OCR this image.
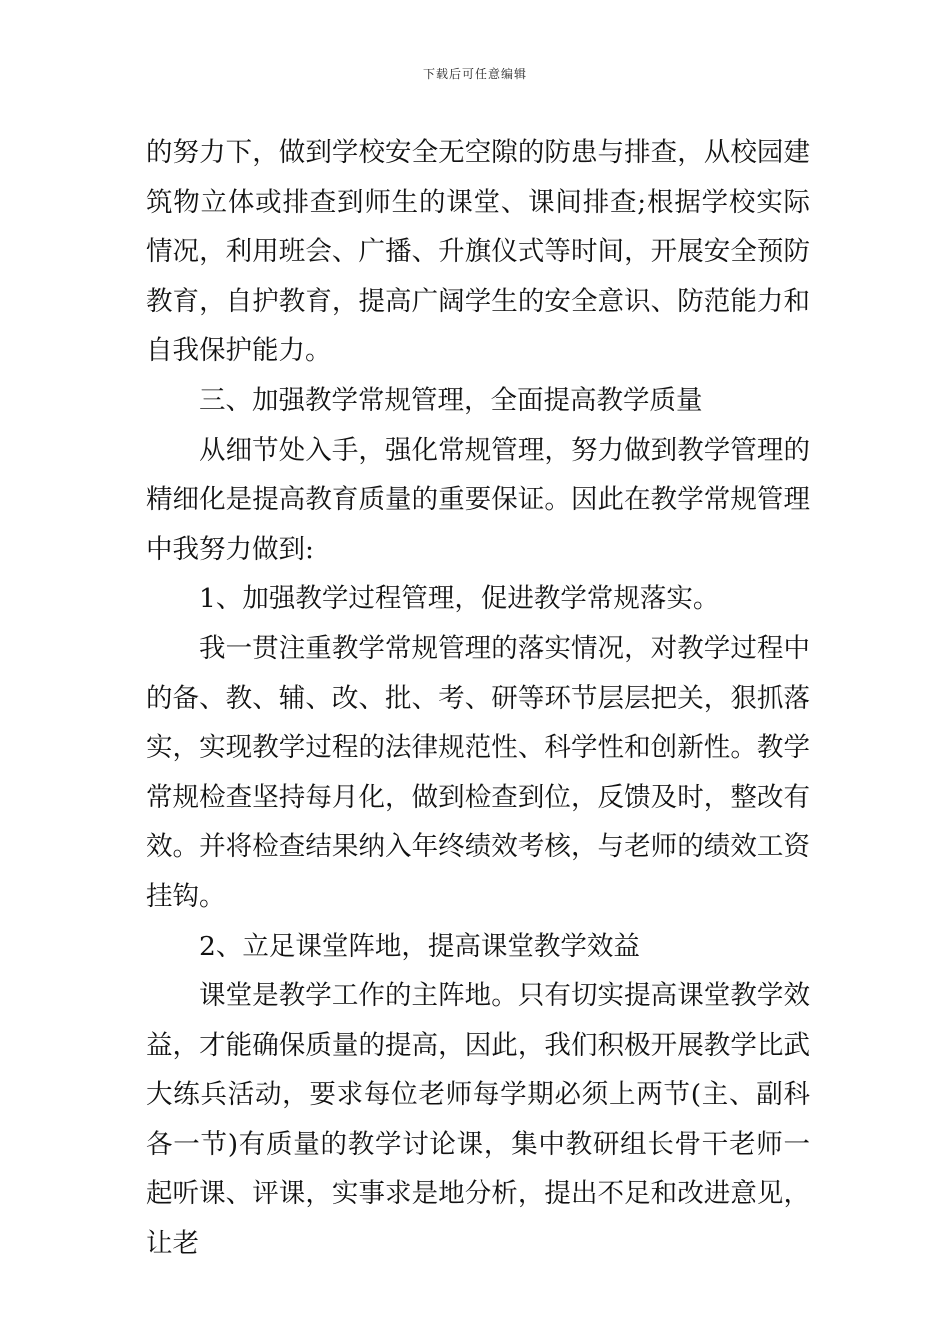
下载后可任意编辑

的努力下，做到学校安全无空隙的防患与排查，从校园建筑物立体或排查到师生的课堂、课间排查;根据学校实际情况，利用班会、广播、升旗仪式等时间，开展安全预防教育，自护教育，提高广阔学生的安全意识、防范能力和自我保护能力。

三、加强教学常规管理，全面提高教学质量

从细节处入手，强化常规管理，努力做到教学管理的精细化是提高教育质量的重要保证。因此在教学常规管理中我努力做到:

1、加强教学过程管理，促进教学常规落实。

我一贯注重教学常规管理的落实情况，对教学过程中的备、教、辅、改、批、考、研等环节层层把关，狠抓落实，实现教学过程的法律规范性、科学性和创新性。教学常规检查坚持每月化，做到检查到位，反馈及时，整改有效。并将检查结果纳入年终绩效考核，与老师的绩效工资挂钩。

2、立足课堂阵地，提高课堂教学效益

课堂是教学工作的主阵地。只有切实提高课堂教学效益，才能确保质量的提高，因此，我们积极开展教学比武大练兵活动，要求每位老师每学期必须上两节(主、副科各一节)有质量的教学讨论课，集中教研组长骨干老师一起听课、评课，实事求是地分析，提出不足和改进意见，让老
